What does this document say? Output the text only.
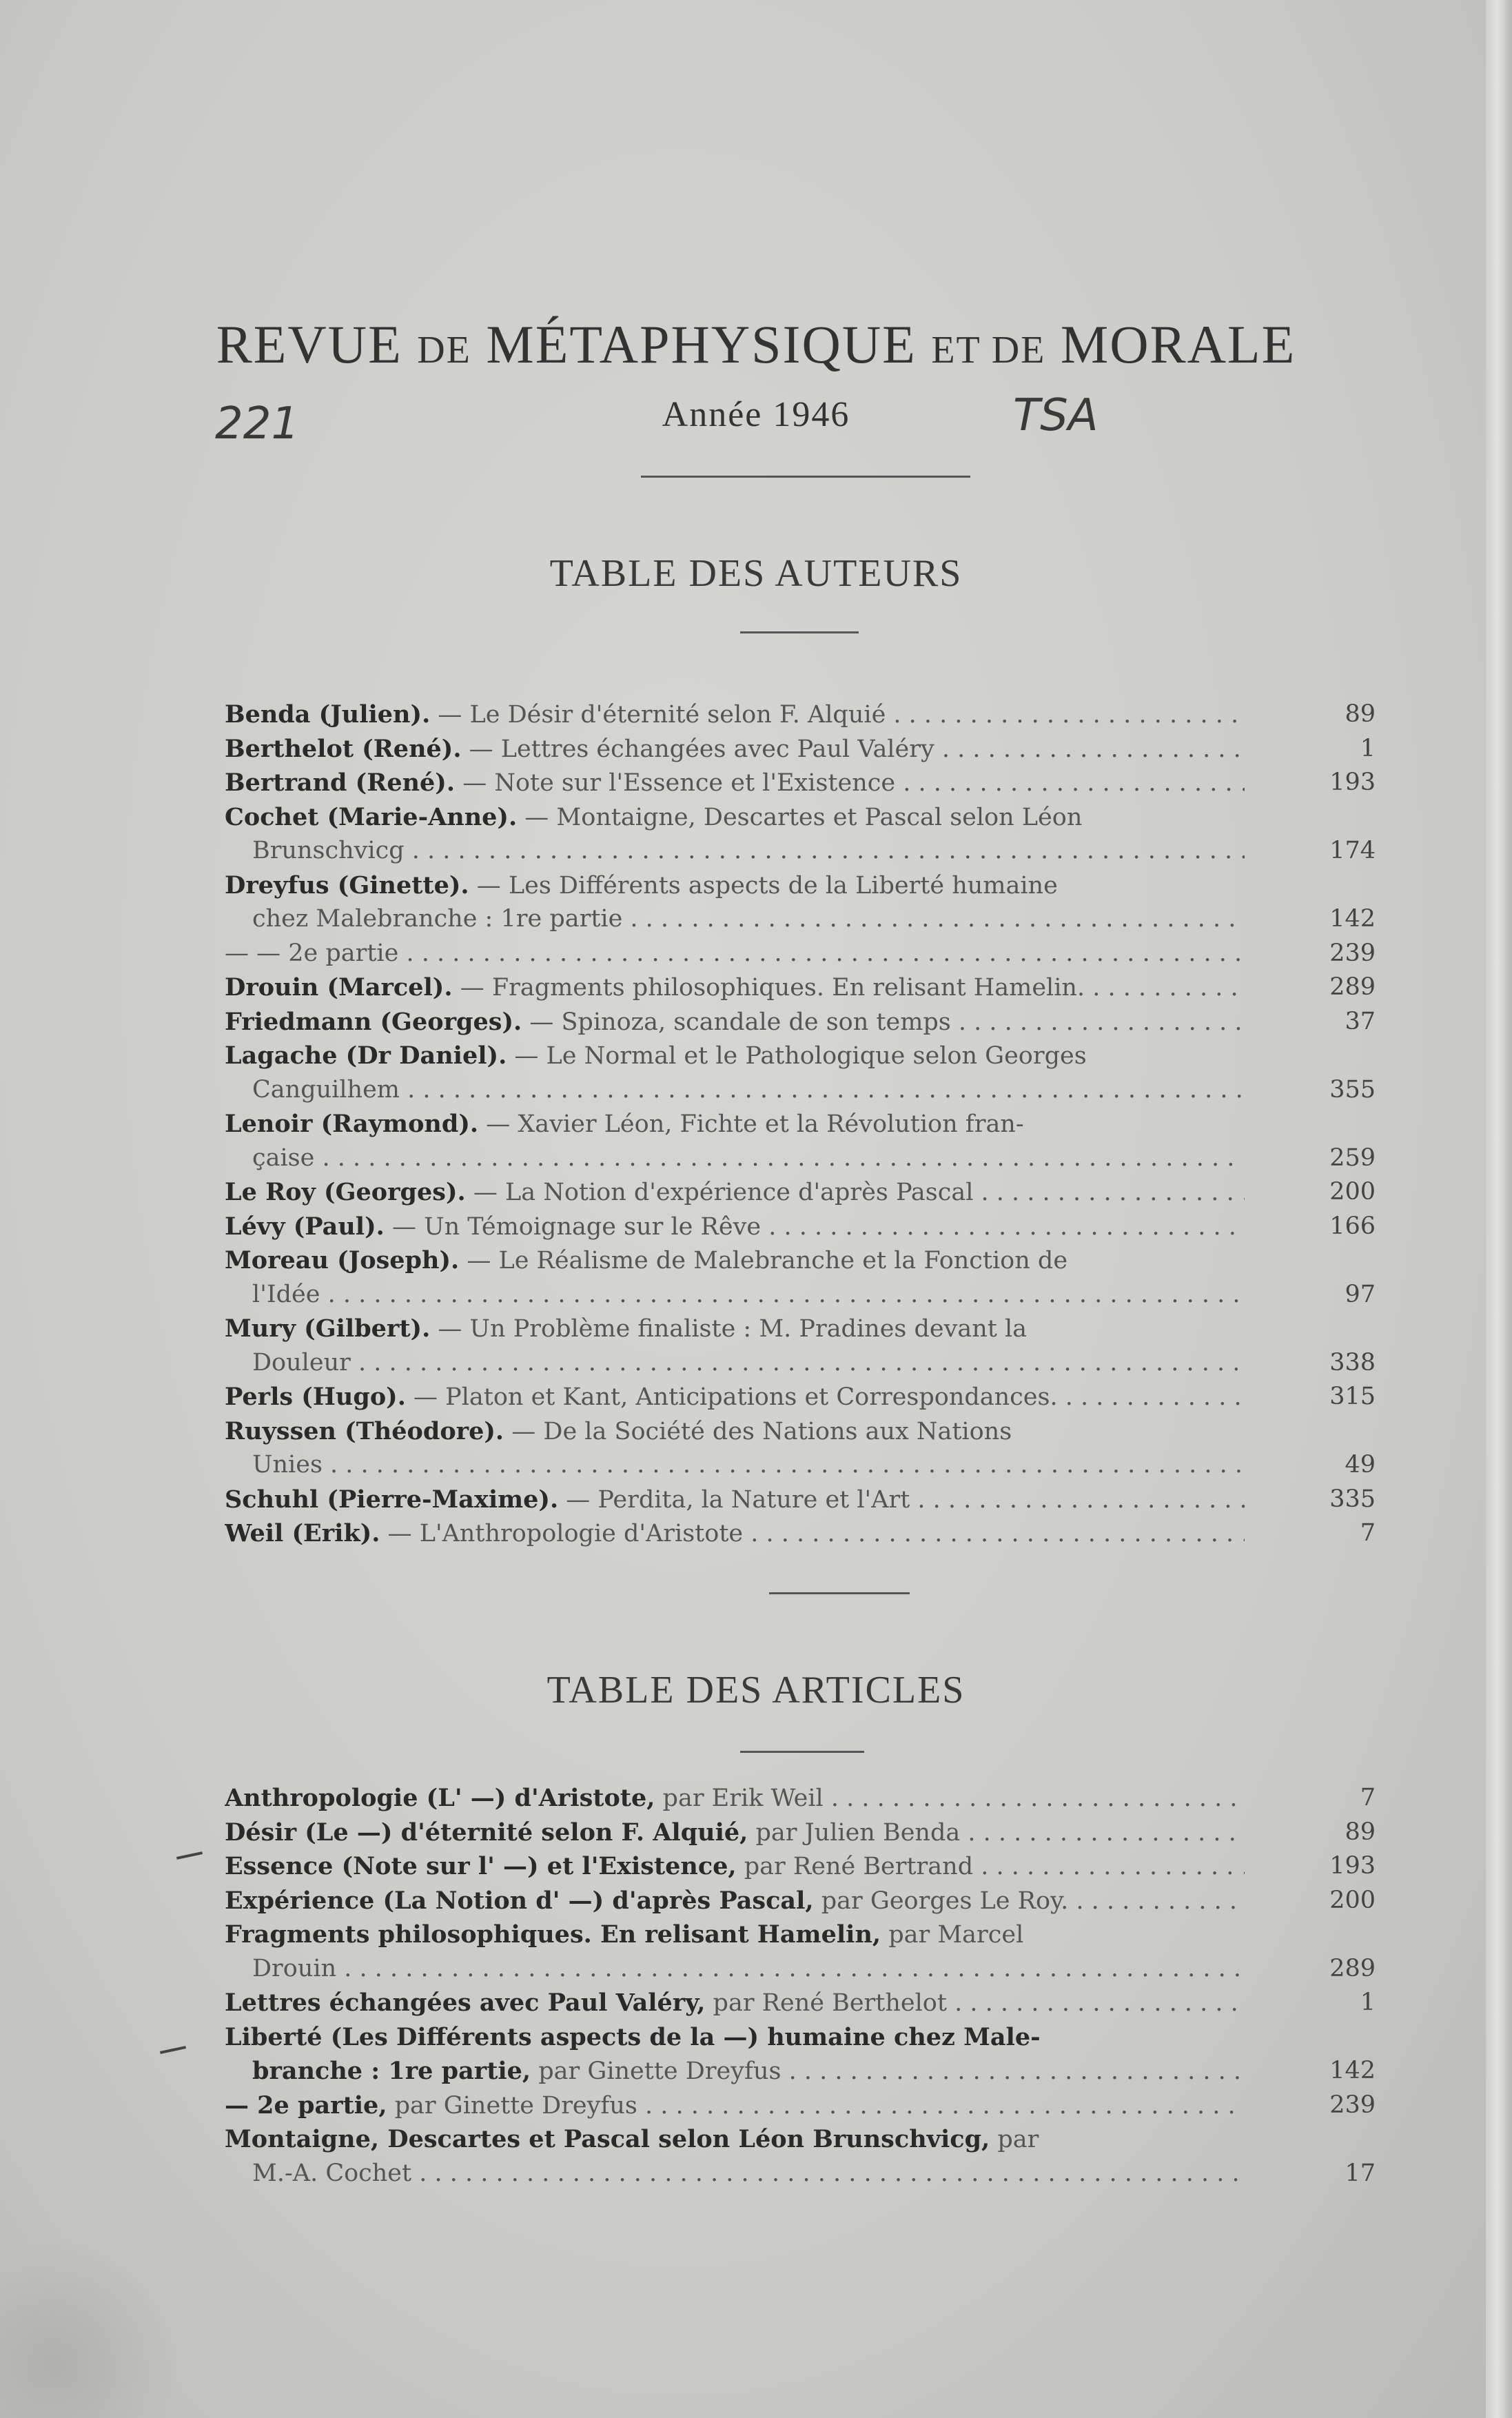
REVUE DE MÉTAPHYSIQUE ET DE MORALE
221	Année 1946	TSA
TABLE DES AUTEURS
Benda (Julien). — Le Désir d'éternité selon F. Alquié . . .	89
Berthelot (René). — Lettres échangées avec Paul Valéry . . .	1
Bertrand (René). — Note sur l'Essence et l'Existence . . .	193
Cochet (Marie-Anne). — Montaigne, Descartes et Pascal selon Léon
Brunschvicg . . .	174
Dreyfus (Ginette). — Les Différents aspects de la Liberté humaine
chez Malebranche : 1re partie . . .	142
— — 2e partie . . .	239
Drouin (Marcel). — Fragments philosophiques. En relisant Hamelin. . . .	289
Friedmann (Georges). — Spinoza, scandale de son temps . . .	37
Lagache (Dr Daniel). — Le Normal et le Pathologique selon Georges
Canguilhem . . .	355
Lenoir (Raymond). — Xavier Léon, Fichte et la Révolution fran-
çaise . . .	259
Le Roy (Georges). — La Notion d'expérience d'après Pascal . . .	200
Lévy (Paul). — Un Témoignage sur le Rêve . . .	166
Moreau (Joseph). — Le Réalisme de Malebranche et la Fonction de
l'Idée . . .	97
Mury (Gilbert). — Un Problème finaliste : M. Pradines devant la
Douleur . . .	338
Perls (Hugo). — Platon et Kant, Anticipations et Correspondances. . . .	315
Ruyssen (Théodore). — De la Société des Nations aux Nations
Unies . . .	49
Schuhl (Pierre-Maxime). — Perdita, la Nature et l'Art . . .	335
Weil (Erik). — L'Anthropologie d'Aristote . . .	7
TABLE DES ARTICLES
Anthropologie (L' —) d'Aristote, par Erik Weil . . .	7
Désir (Le —) d'éternité selon F. Alquié, par Julien Benda . . .	89
Essence (Note sur l' —) et l'Existence, par René Bertrand . . .	193
Expérience (La Notion d' —) d'après Pascal, par Georges Le Roy. . . .	200
Fragments philosophiques. En relisant Hamelin, par Marcel
Drouin . . .	289
Lettres échangées avec Paul Valéry, par René Berthelot . . .	1
Liberté (Les Différents aspects de la —) humaine chez Male-
branche : 1re partie, par Ginette Dreyfus . . .	142
— 2e partie, par Ginette Dreyfus . . .	239
Montaigne, Descartes et Pascal selon Léon Brunschvicg, par
M.-A. Cochet . . .	17
